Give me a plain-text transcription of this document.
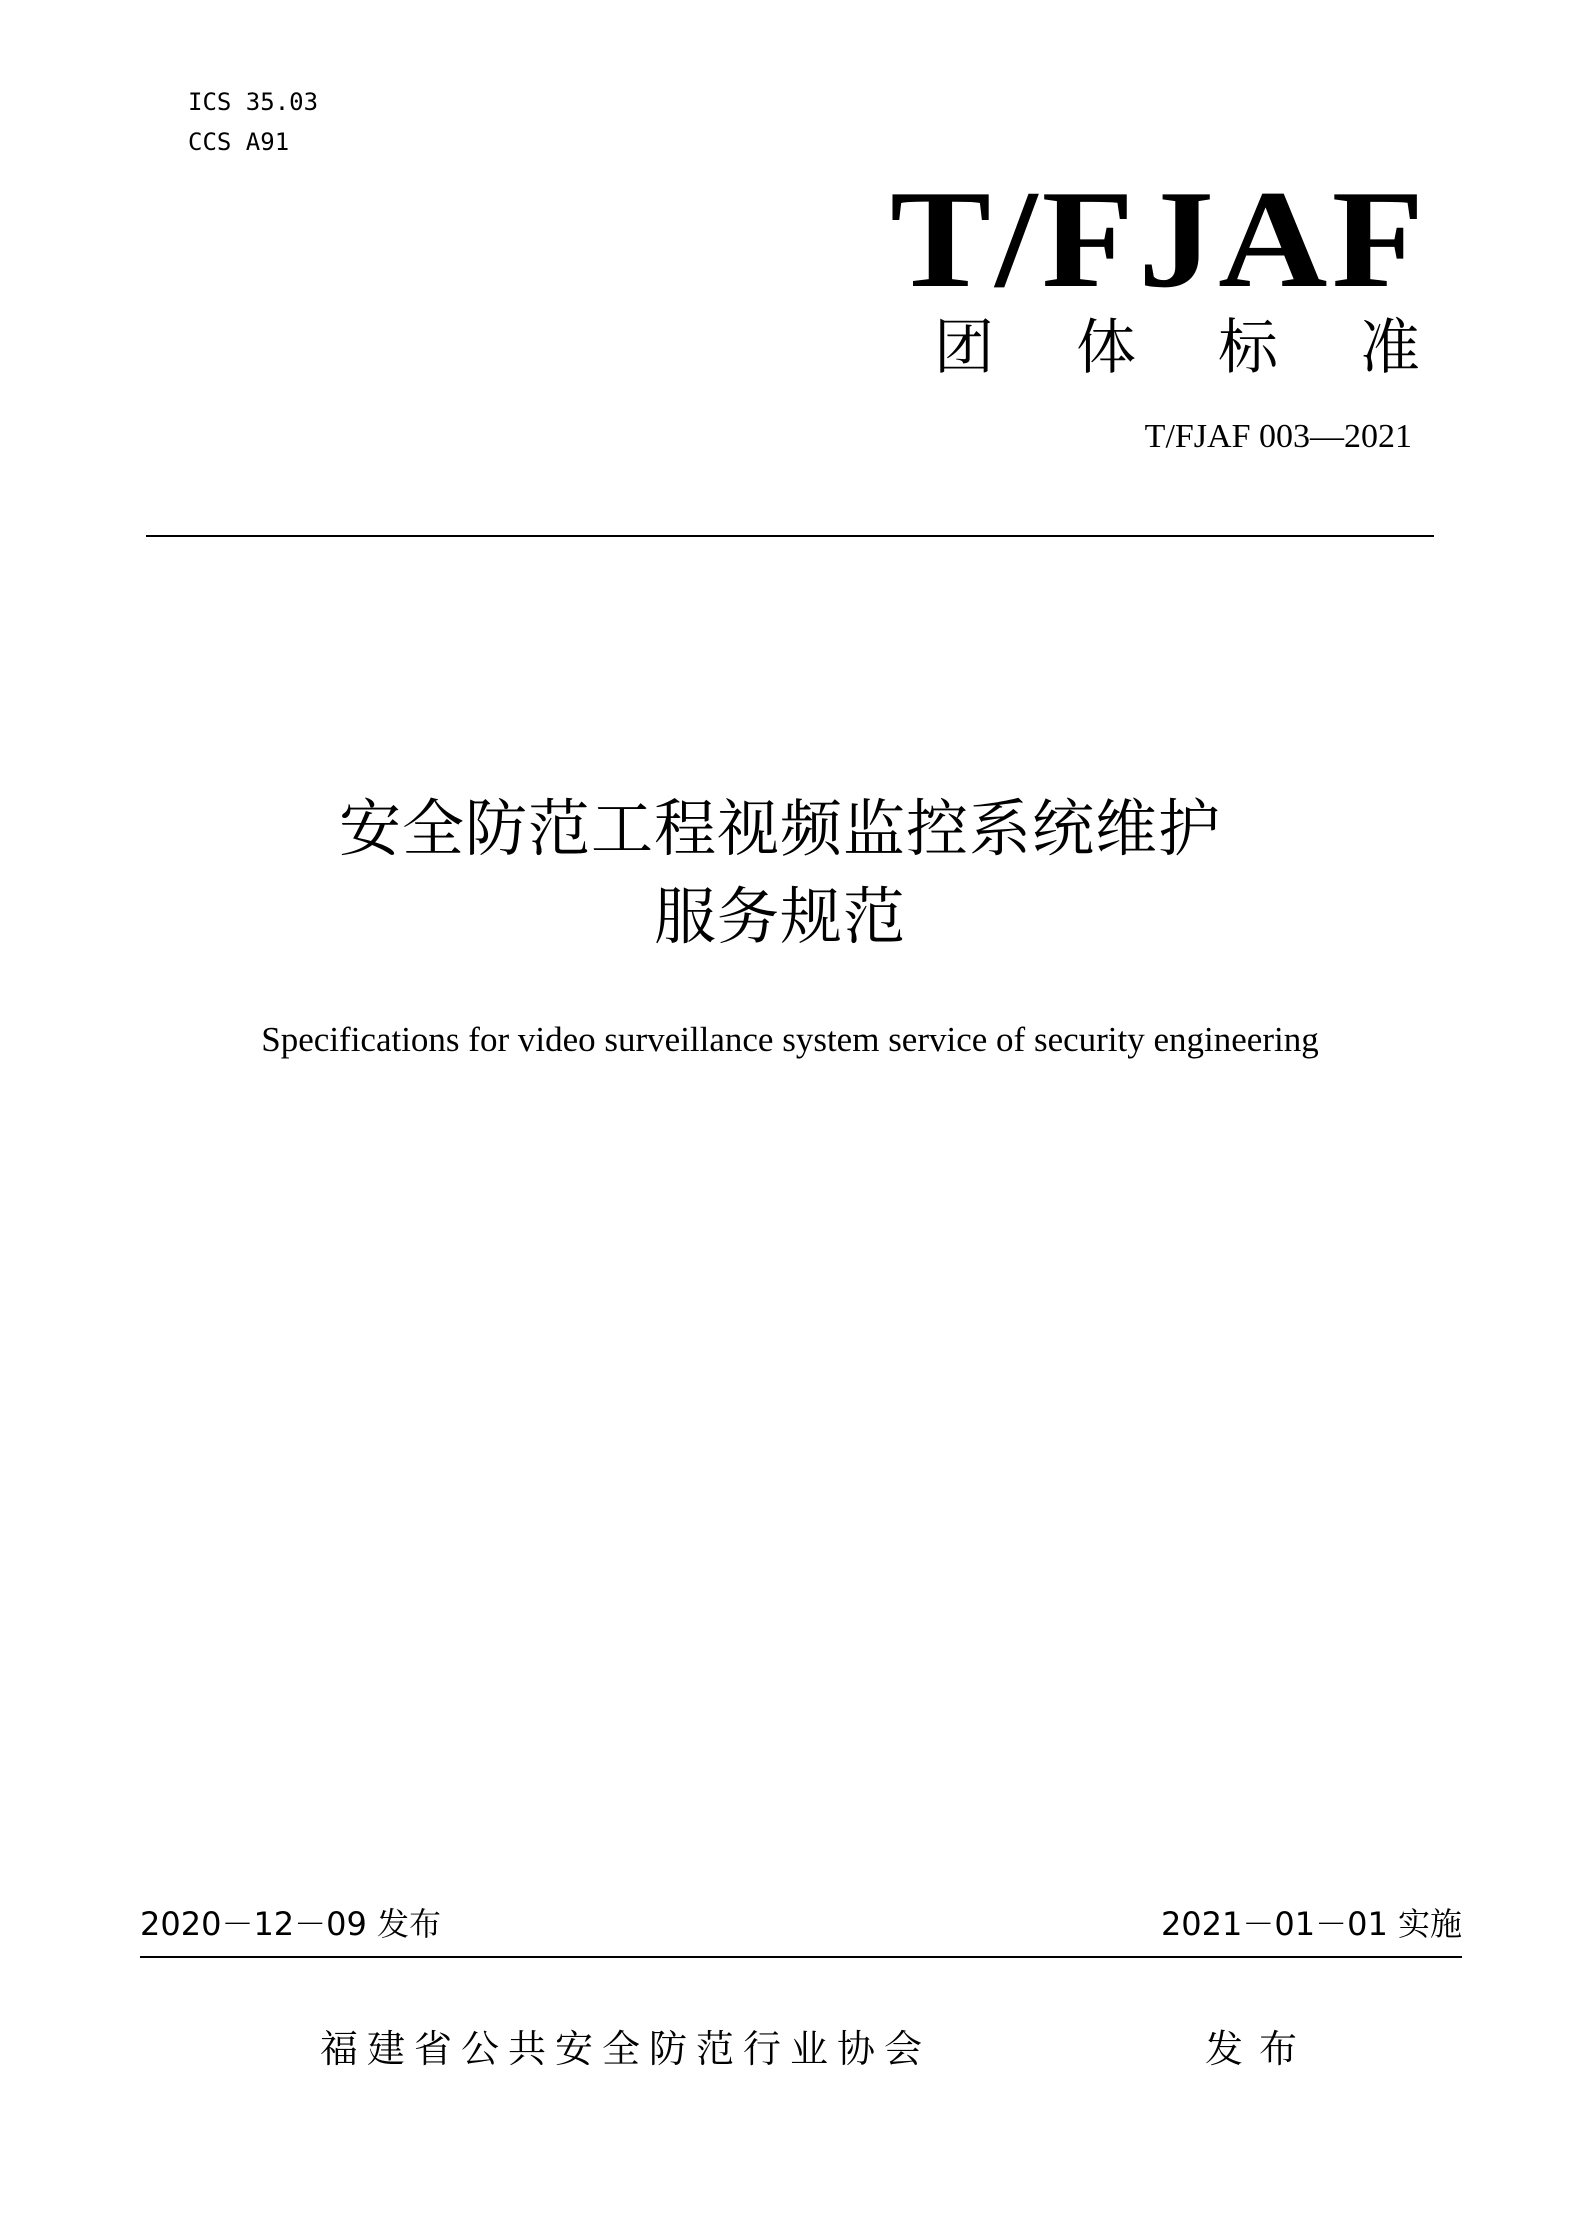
ICS 35.03
CCS A91
T/FJAF
团体标准
T/FJAF 003—2021
安全防范工程视频监控系统维护
服务规范
Specifications for video surveillance system service of security engineering
2020－12－09 发布	2021－01－01 实施
福建省公共安全防范行业协会	发布
